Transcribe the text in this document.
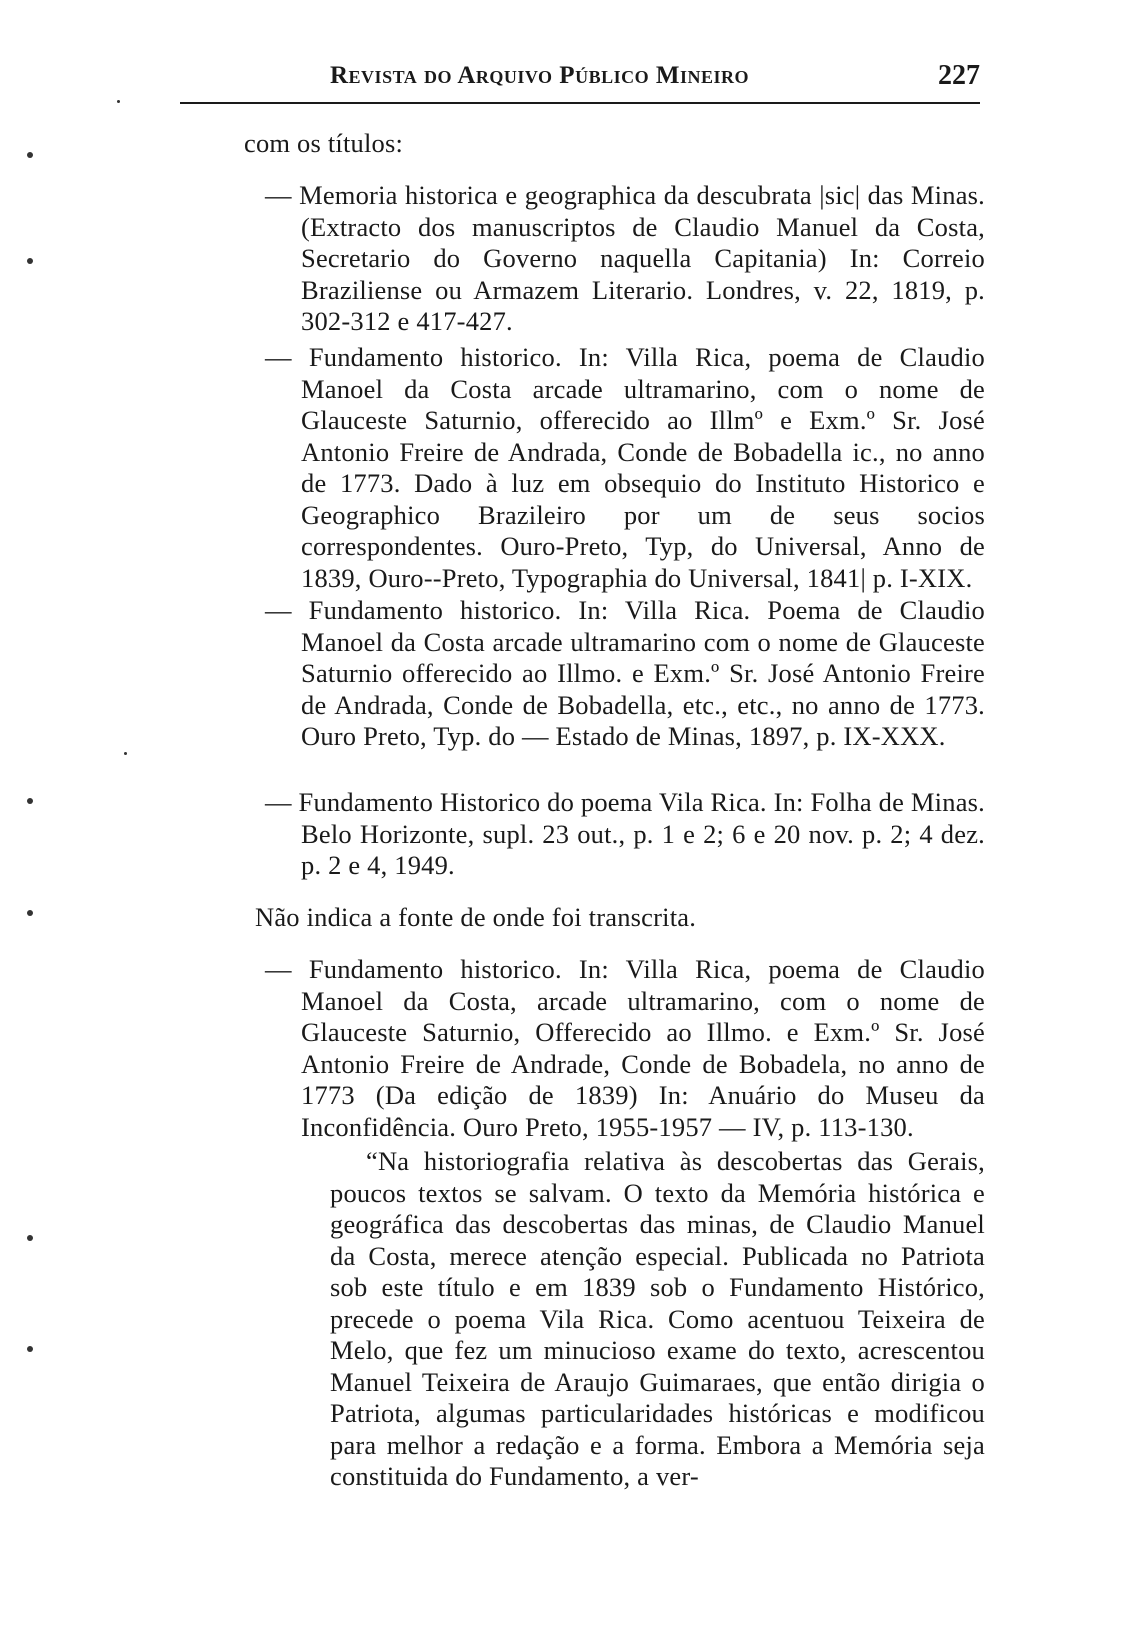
Revista do Arquivo Público Mineiro	227

com os títulos:

— Memoria historica e geographica da descubrata |sic| das Minas. (Extracto dos manuscriptos de Claudio Manuel da Costa, Secretario do Governo naquella Capitania) In: Correio Braziliense ou Armazem Literario. Londres, v. 22, 1819, p. 302-312 e 417-427.

— Fundamento historico. In: Villa Rica, poema de Claudio Manoel da Costa arcade ultramarino, com o nome de Glauceste Saturnio, offerecido ao Illmº e Exm.º Sr. José Antonio Freire de Andrada, Conde de Bobadella ic., no anno de 1773. Dado à luz em obsequio do Instituto Historico e Geographico Brazileiro por um de seus socios correspondentes. Ouro-Preto, Typ, do Universal, Anno de 1839, Ouro--Preto, Typographia do Universal, 1841| p. I-XIX.

— Fundamento historico. In: Villa Rica. Poema de Claudio Manoel da Costa arcade ultramarino com o nome de Glauceste Saturnio offerecido ao Illmo. e Exm.º Sr. José Antonio Freire de Andrada, Conde de Bobadella, etc., etc., no anno de 1773. Ouro Preto, Typ. do — Estado de Minas, 1897, p. IX-XXX.

— Fundamento Historico do poema Vila Rica. In: Folha de Minas. Belo Horizonte, supl. 23 out., p. 1 e 2; 6 e 20 nov. p. 2; 4 dez. p. 2 e 4, 1949.

Não indica a fonte de onde foi transcrita.

— Fundamento historico. In: Villa Rica, poema de Claudio Manoel da Costa, arcade ultramarino, com o nome de Glauceste Saturnio, Offerecido ao Illmo. e Exm.º Sr. José Antonio Freire de Andrade, Conde de Bobadela, no anno de 1773 (Da edição de 1839) In: Anuário do Museu da Inconfidência. Ouro Preto, 1955-1957 — IV, p. 113-130.

“Na historiografia relativa às descobertas das Gerais, poucos textos se salvam. O texto da Memória histórica e geográfica das descobertas das minas, de Claudio Manuel da Costa, merece atenção especial. Publicada no Patriota sob este título e em 1839 sob o Fundamento Histórico, precede o poema Vila Rica. Como acentuou Teixeira de Melo, que fez um minucioso exame do texto, acrescentou Manuel Teixeira de Araujo Guimaraes, que então dirigia o Patriota, algumas particularidades históricas e modificou para melhor a redação e a forma. Embora a Memória seja constituida do Fundamento, a ver-
